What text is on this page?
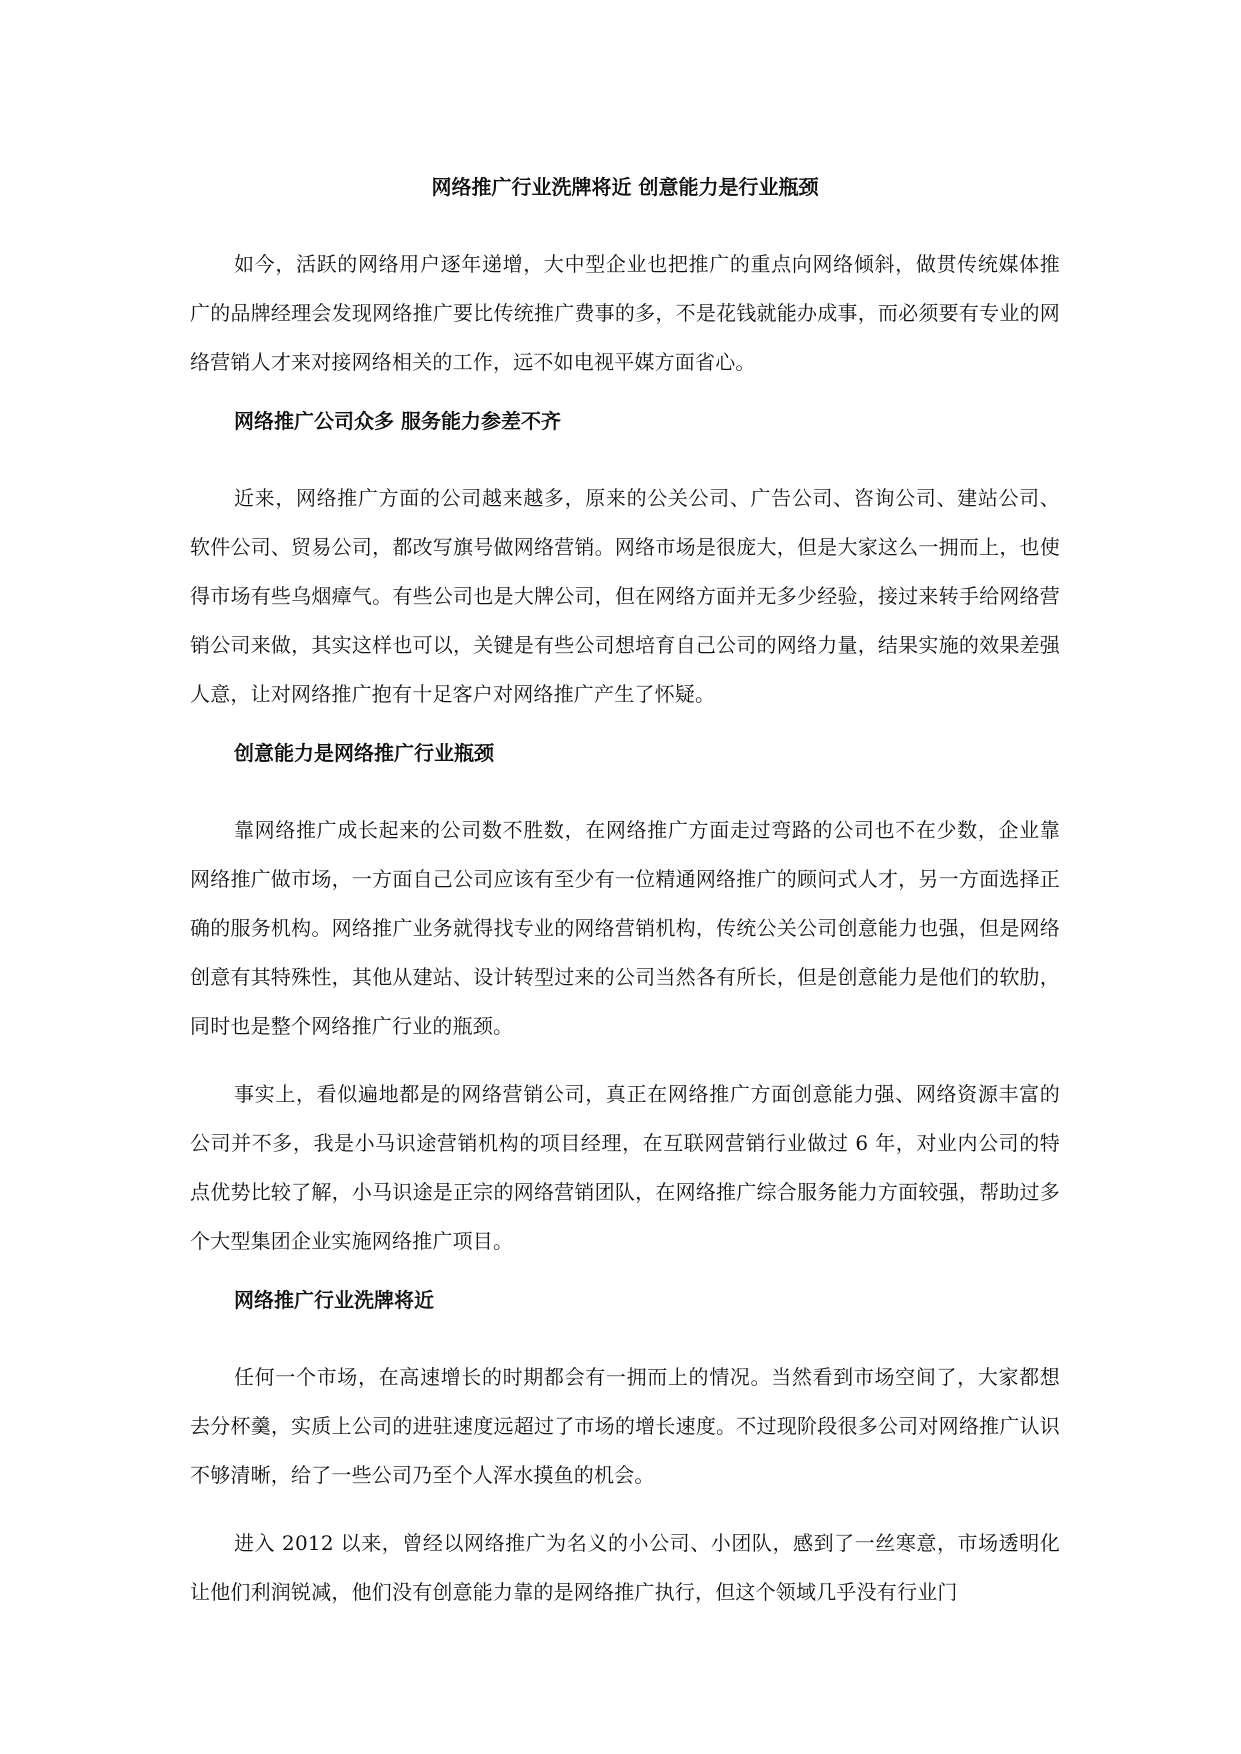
网络推广行业洗牌将近 创意能力是行业瓶颈

如今，活跃的网络用户逐年递增，大中型企业也把推广的重点向网络倾斜，做贯传统媒体推广的品牌经理会发现网络推广要比传统推广费事的多，不是花钱就能办成事，而必须要有专业的网络营销人才来对接网络相关的工作，远不如电视平媒方面省心。

网络推广公司众多 服务能力参差不齐

近来，网络推广方面的公司越来越多，原来的公关公司、广告公司、咨询公司、建站公司、软件公司、贸易公司，都改写旗号做网络营销。网络市场是很庞大，但是大家这么一拥而上，也使得市场有些乌烟瘴气。有些公司也是大牌公司，但在网络方面并无多少经验，接过来转手给网络营销公司来做，其实这样也可以，关键是有些公司想培育自己公司的网络力量，结果实施的效果差强人意，让对网络推广抱有十足客户对网络推广产生了怀疑。

创意能力是网络推广行业瓶颈

靠网络推广成长起来的公司数不胜数，在网络推广方面走过弯路的公司也不在少数，企业靠网络推广做市场，一方面自己公司应该有至少有一位精通网络推广的顾问式人才，另一方面选择正确的服务机构。网络推广业务就得找专业的网络营销机构，传统公关公司创意能力也强，但是网络创意有其特殊性，其他从建站、设计转型过来的公司当然各有所长，但是创意能力是他们的软肋，同时也是整个网络推广行业的瓶颈。

事实上，看似遍地都是的网络营销公司，真正在网络推广方面创意能力强、网络资源丰富的公司并不多，我是小马识途营销机构的项目经理，在互联网营销行业做过 6 年，对业内公司的特点优势比较了解，小马识途是正宗的网络营销团队，在网络推广综合服务能力方面较强，帮助过多个大型集团企业实施网络推广项目。

网络推广行业洗牌将近

任何一个市场，在高速增长的时期都会有一拥而上的情况。当然看到市场空间了，大家都想去分杯羹，实质上公司的进驻速度远超过了市场的增长速度。不过现阶段很多公司对网络推广认识不够清晰，给了一些公司乃至个人浑水摸鱼的机会。

进入 2012 以来，曾经以网络推广为名义的小公司、小团队，感到了一丝寒意，市场透明化让他们利润锐减，他们没有创意能力靠的是网络推广执行，但这个领域几乎没有行业门
